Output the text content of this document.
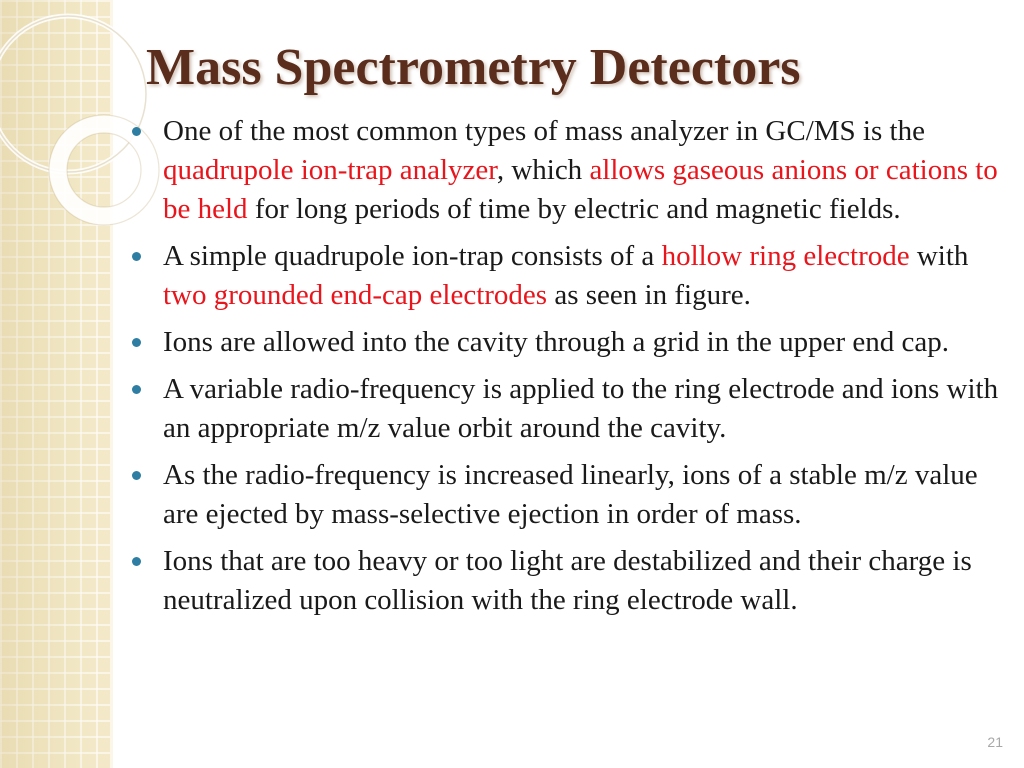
Mass Spectrometry Detectors
One of the most common types of mass analyzer in GC/MS is the quadrupole ion-trap analyzer, which allows gaseous anions or cations to be held for long periods of time by electric and magnetic fields.
A simple quadrupole ion-trap consists of a hollow ring electrode with two grounded end-cap electrodes as seen in figure.
Ions are allowed into the cavity through a grid in the upper end cap.
A variable radio-frequency is applied to the ring electrode and ions with an appropriate m/z value orbit around the cavity.
As the radio-frequency is increased linearly, ions of a stable m/z value are ejected by mass-selective ejection in order of mass.
Ions that are too heavy or too light are destabilized and their charge is neutralized upon collision with the ring electrode wall.
21
